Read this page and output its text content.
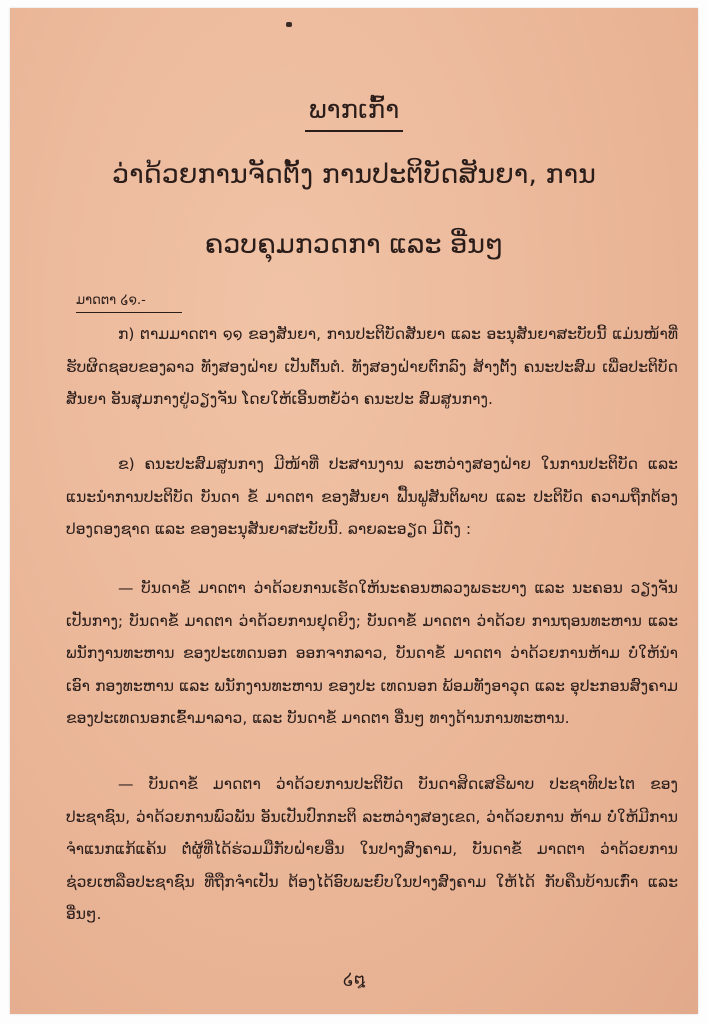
ພາກເກົ້າ
ວ່າດ້ວຍການຈັດຕັ້ງ ການປະຕິບັດສັນຍາ, ການ
ຄວບຄຸມກວດກາ ແລະ ອື່ນໆ
ມາດຕາ ໒໑.-

ກ) ຕາມມາດຕາ ໑໑ ຂອງສັນຍາ, ການປະຕິບັດສັນຍາ ແລະ ອະນຸສັນຍາສະບັບນີ້ ແມ່ນໜ້າທີ່ຮັບຜິດຊອບຂອງລາວ ທັງສອງຝ່າຍ ເປັນຕົ້ນຕໍ. ທັງສອງຝ່າຍຕົກລົງ ສ້າງຕັ້ງ ຄນະປະສົມ ເພື່ອປະຕິບັດສັນຍາ ອັນສຸມກາງຢູ່ວຽງຈັນ ໂດຍໃຫ້ເອີ້ນຫຍໍ້ວ່າ ຄນະປະ ສົມສູນກາງ.

ຂ) ຄນະປະສົມສູນກາງ ມີໜ້າທີ່ ປະສານງານ ລະຫວ່າງສອງຝ່າຍ ໃນການປະຕິບັດ ແລະ ແນະນຳການປະຕິບັດ ບັນດາ ຂໍ້ ມາດຕາ ຂອງສັນຍາ ຟື້ນຟູສັນຕິພາບ ແລະ ປະຕິບັດ ຄວາມຖືກຕ້ອງປອງດອງຊາດ ແລະ ຂອງອະນຸສັນຍາສະບັບນີ້. ລາຍລະອຽດ ມີດັ່ງ :

— ບັນດາຂໍ້ ມາດຕາ ວ່າດ້ວຍການເຮັດໃຫ້ນະຄອນຫລວງພຣະບາງ ແລະ ນະຄອນ ວຽງຈັນ ເປັນກາງ; ບັນດາຂໍ້ ມາດຕາ ວ່າດ້ວຍການຢຸດຍິງ; ບັນດາຂໍ້ ມາດຕາ ວ່າດ້ວຍ ການຖອນທະຫານ ແລະ ພນັກງານທະຫານ ຂອງປະເທດນອກ ອອກຈາກລາວ, ບັນດາຂໍ້ ມາດຕາ ວ່າດ້ວຍການຫ້າມ ບໍ່ໃຫ້ນຳເອົາ ກອງທະຫານ ແລະ ພນັກງານທະຫານ ຂອງປະ ເທດນອກ ພ້ອມທັງອາວຸດ ແລະ ອຸປະກອນສົງຄາມ ຂອງປະເທດນອກເຂົ້າມາລາວ, ແລະ ບັນດາຂໍ້ ມາດຕາ ອື່ນໆ ທາງດ້ານການທະຫານ.

— ບັນດາຂໍ້ ມາດຕາ ວ່າດ້ວຍການປະຕິບັດ ບັນດາສິດເສຣີພາບ ປະຊາທິປະໄຕ ຂອງປະຊາຊົນ, ວ່າດ້ວຍການພົວພັນ ອັນເປັນປົກກະຕິ ລະຫວ່າງສອງເຂດ, ວ່າດ້ວຍການ ຫ້າມ ບໍ່ໃຫ້ມີການຈຳແນກແກ້ແຄ້ນ ຕໍ່ຜູ້ທີ່ໄດ້ຮ່ວມມືກັບຝ່າຍອື່ນ ໃນປາງສົງຄາມ, ບັນດາຂໍ້ ມາດຕາ ວ່າດ້ວຍການຊ່ວຍເຫລືອປະຊາຊົນ ທີ່ຖືກຈຳເປັນ ຕ້ອງໄດ້ອົບພະຍົບໃນປາງສົງຄາມ ໃຫ້ໄດ້ ກັບຄືນບ້ານເກົ່າ ແລະ ອື່ນໆ.

໒໘
